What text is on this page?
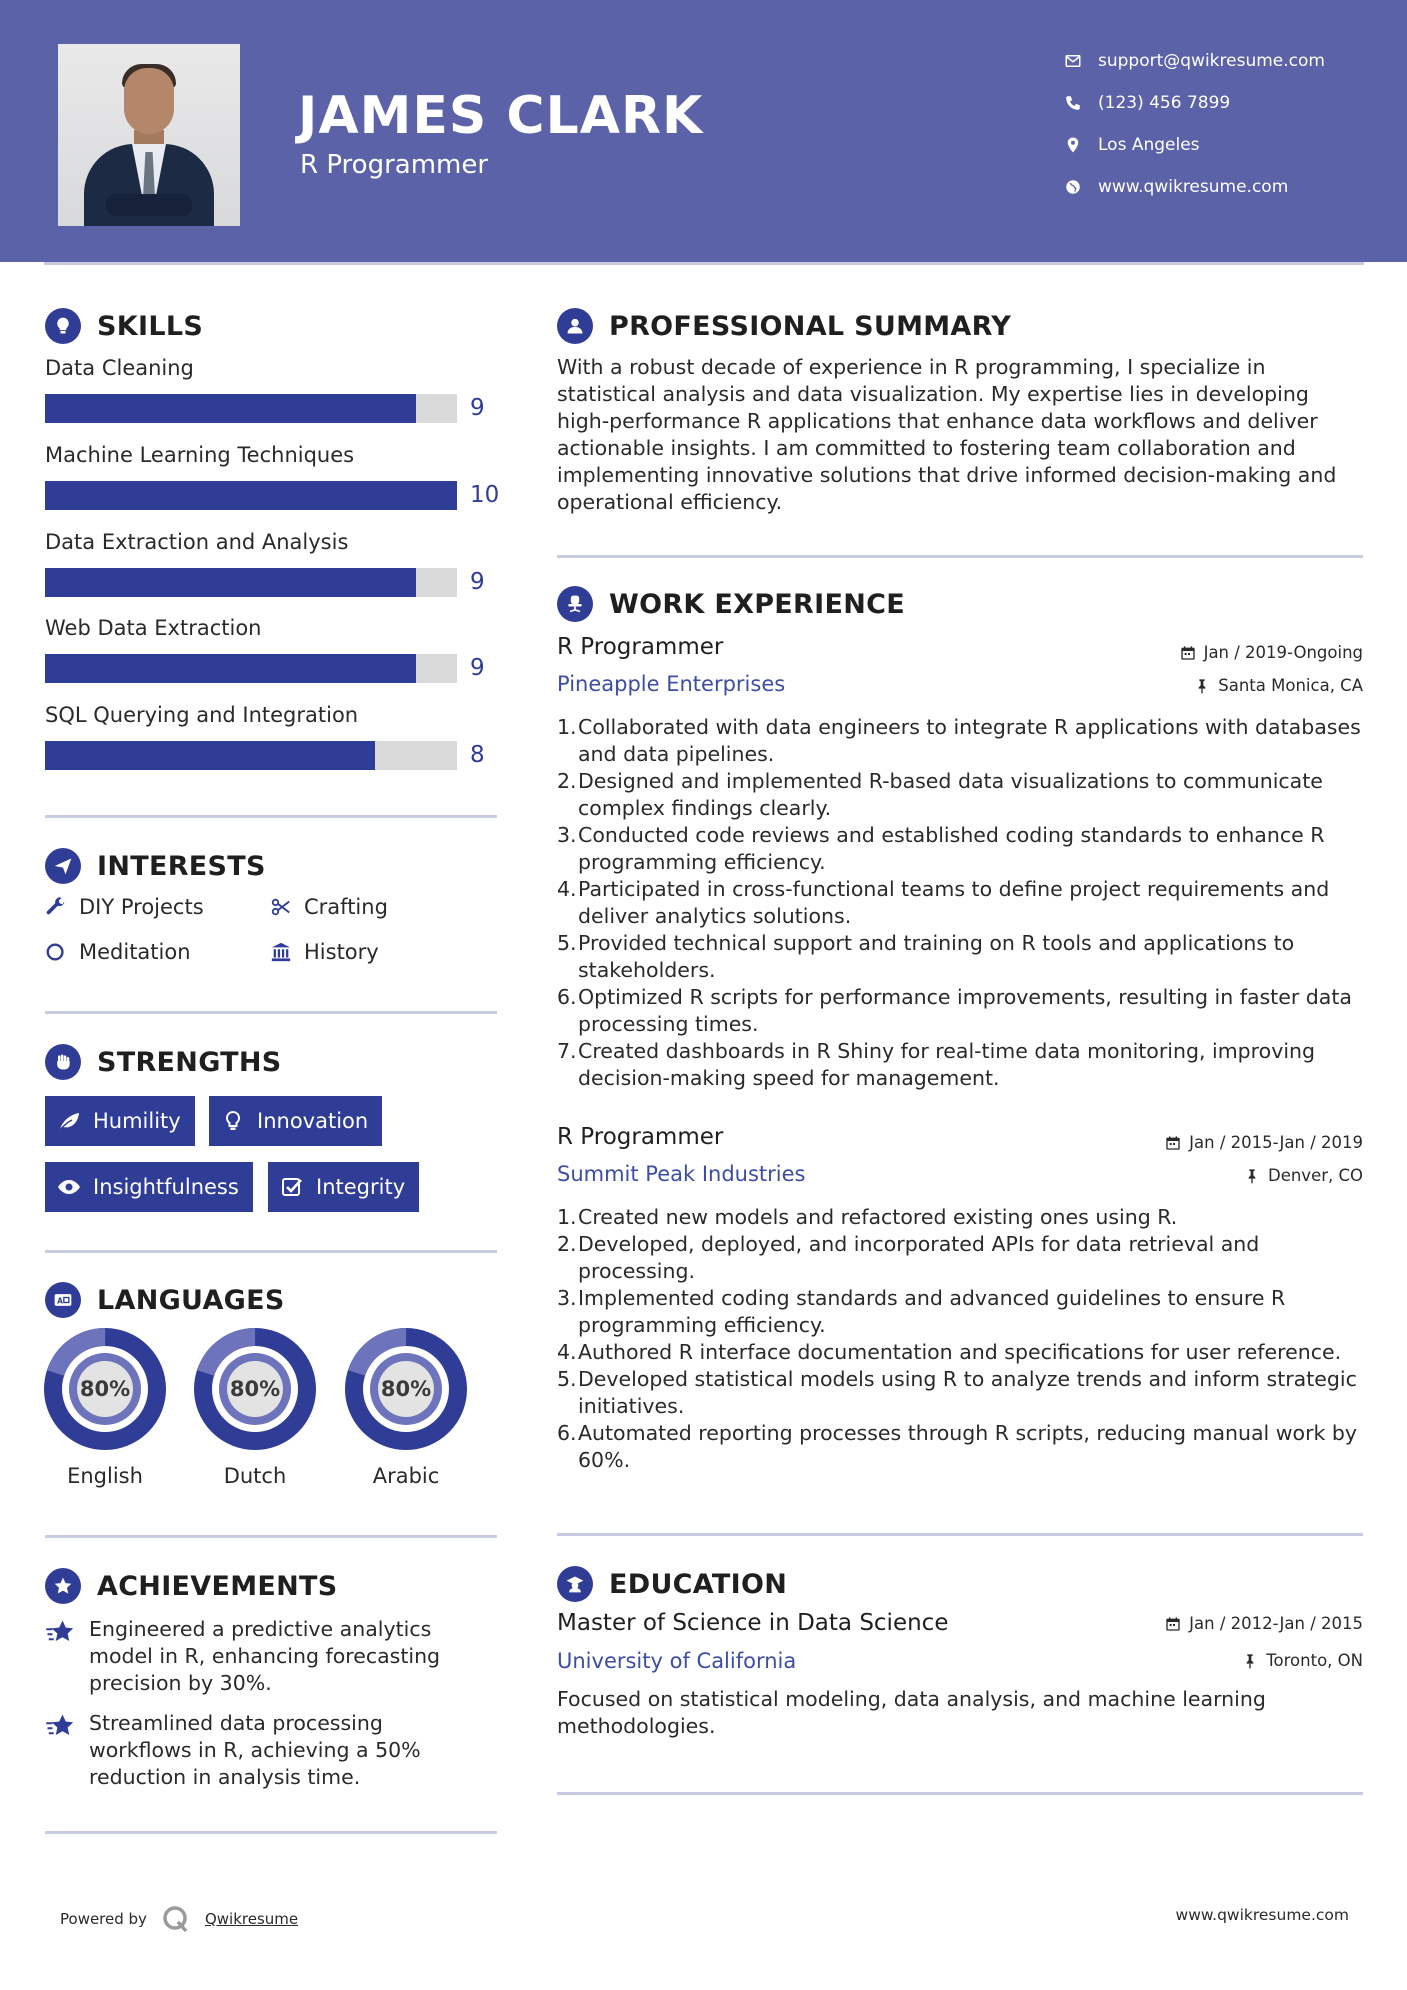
JAMES CLARK
R Programmer
support@qwikresume.com
(123) 456 7899
Los Angeles
www.qwikresume.com
SKILLS
Data Cleaning
9
Machine Learning Techniques
10
Data Extraction and Analysis
9
Web Data Extraction
9
SQL Querying and Integration
8
INTERESTS
DIY Projects	Crafting
Meditation	History
STRENGTHS
Humility	Innovation
Insightfulness	Integrity
A LANGUAGES
80%
English
80%
Dutch
80%
Arabic
ACHIEVEMENTS

Engineered a predictive analytics model in R, enhancing forecasting precision by 30%.

Streamlined data processing workflows in R, achieving a 50% reduction in analysis time.

PROFESSIONAL SUMMARY
With a robust decade of experience in R programming, I specialize in statistical analysis and data visualization. My expertise lies in developing high-performance R applications that enhance data workflows and deliver actionable insights. I am committed to fostering team collaboration and implementing innovative solutions that drive informed decision-making and operational efficiency.
WORK EXPERIENCE
R Programmer	Jan / 2019-Ongoing
Pineapple Enterprises	Santa Monica, CA
1. Collaborated with data engineers to integrate R applications with databases and data pipelines.
2. Designed and implemented R-based data visualizations to communicate complex findings clearly.
3. Conducted code reviews and established coding standards to enhance R programming efficiency.
4. Participated in cross-functional teams to define project requirements and deliver analytics solutions.
5. Provided technical support and training on R tools and applications to stakeholders.
6. Optimized R scripts for performance improvements, resulting in faster data processing times.
7. Created dashboards in R Shiny for real-time data monitoring, improving decision-making speed for management.
R Programmer	Jan / 2015-Jan / 2019
Summit Peak Industries	Denver, CO
1. Created new models and refactored existing ones using R.
2. Developed, deployed, and incorporated APIs for data retrieval and processing.
3. Implemented coding standards and advanced guidelines to ensure R programming efficiency.
4. Authored R interface documentation and specifications for user reference.
5. Developed statistical models using R to analyze trends and inform strategic initiatives.
6. Automated reporting processes through R scripts, reducing manual work by 60%.
EDUCATION
Master of Science in Data Science	Jan / 2012-Jan / 2015
University of California	Toronto, ON
Focused on statistical modeling, data analysis, and machine learning methodologies.
Powered by	Qwikresume	www.qwikresume.com
